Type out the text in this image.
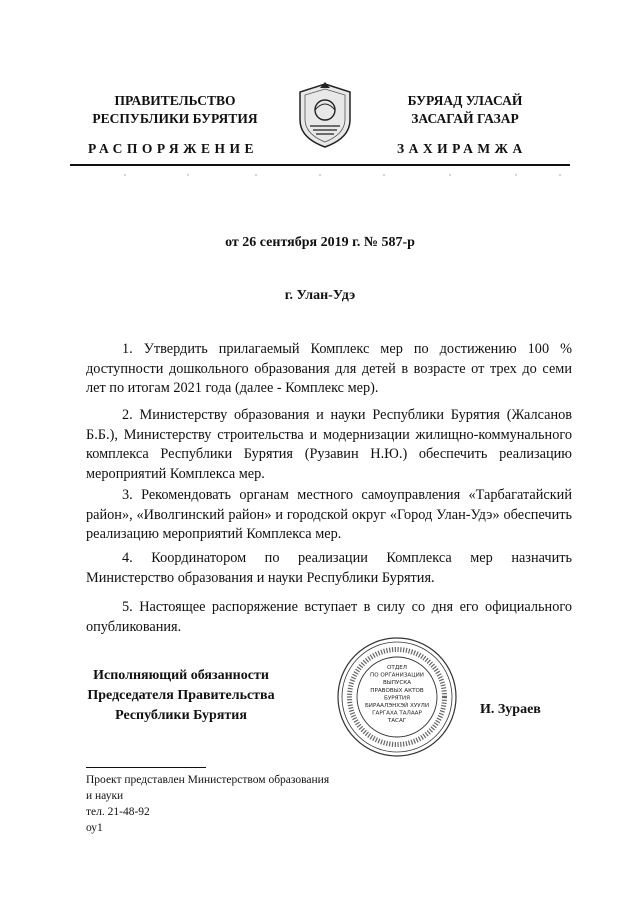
ПРАВИТЕЛЬСТВО
РЕСПУБЛИКИ БУРЯТИЯ
БУРЯАД УЛАСАЙ
ЗАСАГАЙ ГАЗАР
РАСПОРЯЖЕНИЕ	ЗАХИРАМЖА
от 26 сентября 2019 г. № 587-р
г. Улан-Удэ
1. Утвердить прилагаемый Комплекс мер по достижению 100 % доступности дошкольного образования для детей в возрасте от трех до семи лет по итогам 2021 года (далее - Комплекс мер).
2. Министерству образования и науки Республики Бурятия (Жалсанов Б.Б.), Министерству строительства и модернизации жилищно-коммунального комплекса Республики Бурятия (Рузавин Н.Ю.) обеспечить реализацию мероприятий Комплекса мер.
3. Рекомендовать органам местного самоуправления «Тарбагатайский район», «Иволгинский район» и городской округ «Город Улан-Удэ» обеспечить реализацию мероприятий Комплекса мер.
4. Координатором по реализации Комплекса мер назначить Министерство образования и науки Республики Бурятия.
5. Настоящее распоряжение вступает в силу со дня его официального опубликования.
Исполняющий обязанности
Председателя Правительства
Республики Бурятия
ОТДЕЛ
ПО ОРГАНИЗАЦИИ
ВЫПУСКА
ПРАВОВЫХ АКТОВ
БУРЯТИЯ
БИРААЛЭНХЭЙ ХУУЛИ
ГАРГАХА ТАЛААР
ТАСАГ
И. Зураев
Проект представлен Министерством образования
и науки
тел. 21-48-92
оу1
